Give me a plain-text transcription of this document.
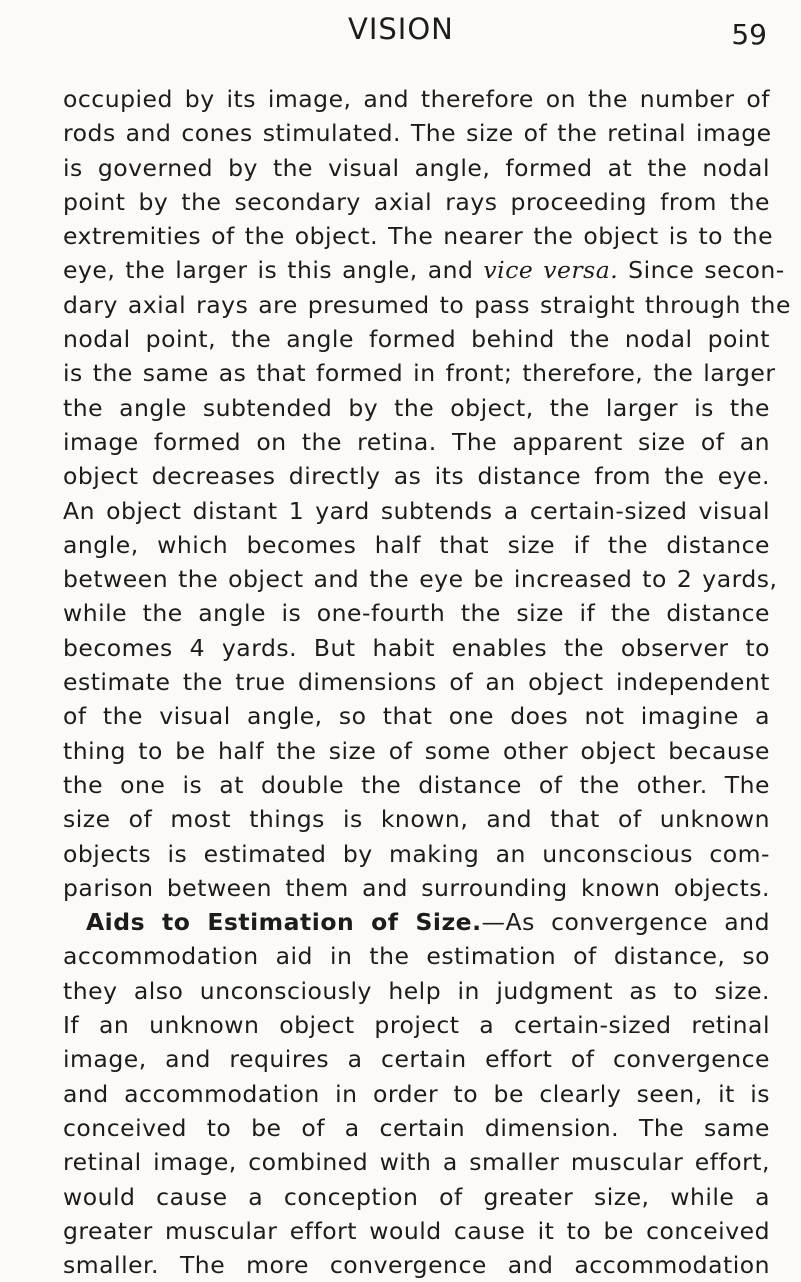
VISION	59
occupied by its image, and therefore on the number of
rods and cones stimulated. The size of the retinal image
is governed by the visual angle, formed at the nodal
point by the secondary axial rays proceeding from the
extremities of the object. The nearer the object is to the
eye, the larger is this angle, and vice versa. Since secon-
dary axial rays are presumed to pass straight through the
nodal point, the angle formed behind the nodal point
is the same as that formed in front; therefore, the larger
the angle subtended by the object, the larger is the
image formed on the retina. The apparent size of an
object decreases directly as its distance from the eye.
An object distant 1 yard subtends a certain-sized visual
angle, which becomes half that size if the distance
between the object and the eye be increased to 2 yards,
while the angle is one-fourth the size if the distance
becomes 4 yards. But habit enables the observer to
estimate the true dimensions of an object independent
of the visual angle, so that one does not imagine a
thing to be half the size of some other object because
the one is at double the distance of the other. The
size of most things is known, and that of unknown
objects is estimated by making an unconscious com-
parison between them and surrounding known objects.
Aids to Estimation of Size.—As convergence and
accommodation aid in the estimation of distance, so
they also unconsciously help in judgment as to size.
If an unknown object project a certain-sized retinal
image, and requires a certain effort of convergence
and accommodation in order to be clearly seen, it is
conceived to be of a certain dimension. The same
retinal image, combined with a smaller muscular effort,
would cause a conception of greater size, while a
greater muscular effort would cause it to be conceived
smaller. The more convergence and accommodation
